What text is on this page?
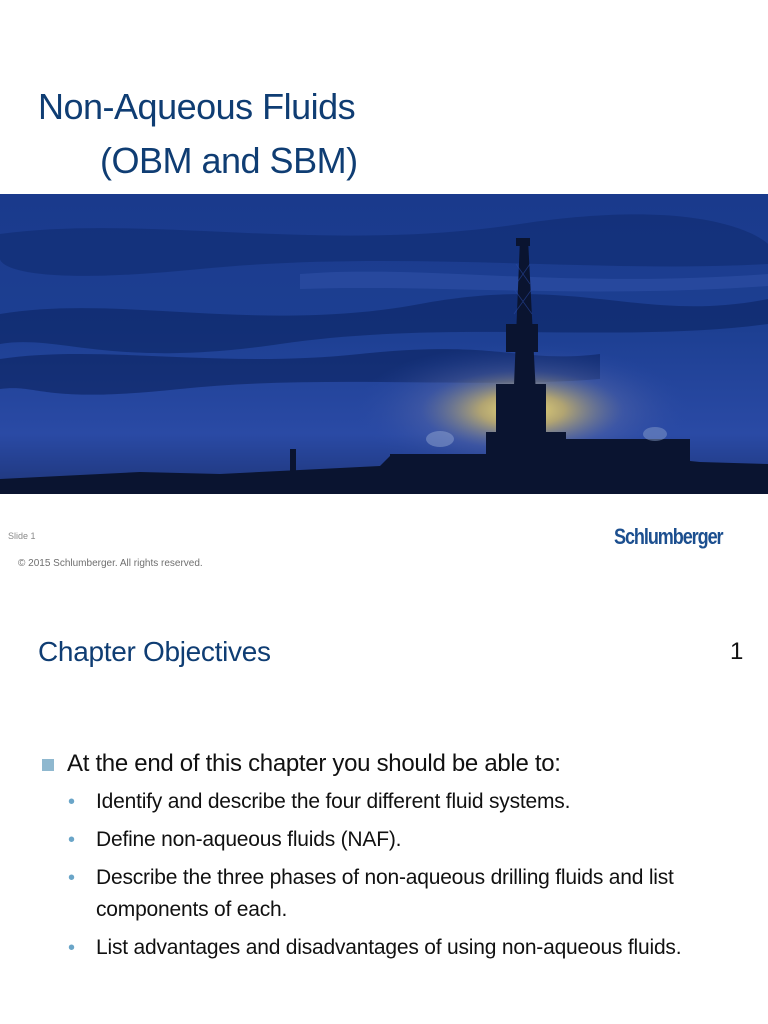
Non-Aqueous Fluids
(OBM and SBM)
Slide 1	Schlumberger
© 2015 Schlumberger. All rights reserved.
Chapter Objectives	1
At the end of this chapter you should be able to:
• Identify and describe the four different fluid systems.
• Define non-aqueous fluids (NAF).
• Describe the three phases of non-aqueous drilling fluids and list components of each.
• List advantages and disadvantages of using non-aqueous fluids.
